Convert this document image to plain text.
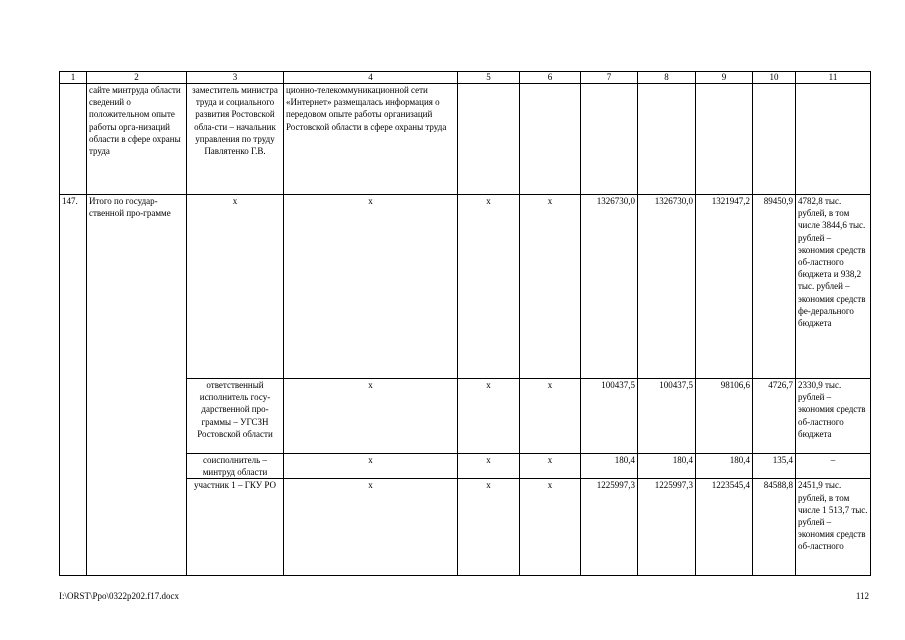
1	2	3	4	5	6	7	8	9	10	11
	сайте минтруда области сведений о положительном опыте работы орга-низаций области в сфере охраны труда	заместитель министра труда и социального развития Ростовской обла-сти – начальник управления по труду Павлятенко Г.В.	ционно-телекоммуникационной сети «Интернет» размещалась информация о передовом опыте работы организаций Ростовской области в сфере охраны труда							
147.	Итого по государ-ственной про-грамме	х	х	х	х	1326730,0	1326730,0	1321947,2	89450,9	4782,8 тыс. рублей, в том числе 3844,6 тыс. рублей – экономия средств об-ластного бюджета и 938,2 тыс. рублей – экономия средств фе-дерального бюджета
		ответственный исполнитель госу-дарственной про-граммы – УГСЗН Ростовской области	х	х	х	100437,5	100437,5	98106,6	4726,7	2330,9 тыс. рублей – экономия средств об-ластного бюджета
		соисполнитель – минтруд области	х	х	х	180,4	180,4	180,4	135,4	–
		участник 1 – ГКУ РО	х	х	х	1225997,3	1225997,3	1223545,4	84588,8	2451,9 тыс. рублей, в том числе 1 513,7 тыс. рублей – экономия средств об-ластного
I:\ORST\Ppo\0322p202.f17.docx	112
